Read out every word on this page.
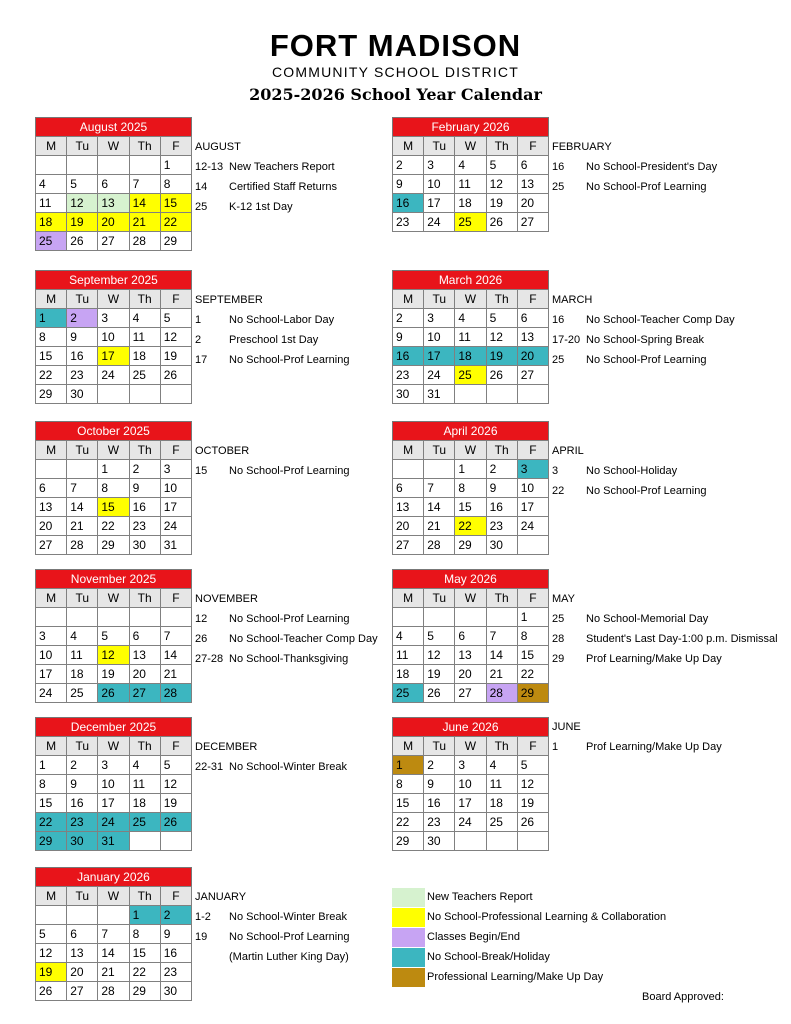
FORT MADISON
COMMUNITY SCHOOL DISTRICT
2025-2026 School Year Calendar
August 2025
M	Tu	W	Th	F
				1
4	5	6	7	8
11	12	13	14	15
18	19	20	21	22
25	26	27	28	29
AUGUST
12-13 New Teachers Report
14 Certified Staff Returns
25 K-12 1st Day
September 2025
M	Tu	W	Th	F
1	2	3	4	5
8	9	10	11	12
15	16	17	18	19
22	23	24	25	26
29	30			
SEPTEMBER
1	No School-Labor Day
2	Preschool 1st Day
17 No School-Prof Learning
October 2025
M	Tu	W	Th	F
		1	2	3
6	7	8	9	10
13	14	15	16	17
20	21	22	23	24
27	28	29	30	31
OCTOBER
15 No School-Prof Learning
November 2025
M	Tu	W	Th	F

3	4	5	6	7
10	11	12	13	14
17	18	19	20	21
24	25	26	27	28
NOVEMBER
12 No School-Prof Learning
26 No School-Teacher Comp Day
27-28 No School-Thanksgiving
December 2025
M	Tu	W	Th	F
1	2	3	4	5
8	9	10	11	12
15	16	17	18	19
22	23	24	25	26
29	30	31		
DECEMBER
22-31 No School-Winter Break
January 2026
M	Tu	W	Th	F
			1	2
5	6	7	8	9
12	13	14	15	16
19	20	21	22	23
26	27	28	29	30
JANUARY
1-2 No School-Winter Break
19 No School-Prof Learning
(Martin Luther King Day)
February 2026
M	Tu	W	Th	F
2	3	4	5	6
9	10	11	12	13
16	17	18	19	20
23	24	25	26	27
FEBRUARY
16 No School-President's Day
25 No School-Prof Learning
March 2026
M	Tu	W	Th	F
2	3	4	5	6
9	10	11	12	13
16	17	18	19	20
23	24	25	26	27
30	31			
MARCH
16 No School-Teacher Comp Day
17-20 No School-Spring Break
25 No School-Prof Learning
April 2026
M	Tu	W	Th	F
		1	2	3
6	7	8	9	10
13	14	15	16	17
20	21	22	23	24
27	28	29	30	
APRIL
3	No School-Holiday
22 No School-Prof Learning
May 2026
M	Tu	W	Th	F
				1
4	5	6	7	8
11	12	13	14	15
18	19	20	21	22
25	26	27	28	29
MAY
25 No School-Memorial Day
28 Student's Last Day-1:00 p.m. Dismissal
29 Prof Learning/Make Up Day
June 2026
M	Tu	W	Th	F
1	2	3	4	5
8	9	10	11	12
15	16	17	18	19
22	23	24	25	26
29	30			
JUNE
1	Prof Learning/Make Up Day
New Teachers Report
No School-Professional Learning & Collaboration
Classes Begin/End
No School-Break/Holiday
Professional Learning/Make Up Day
Board Approved:
